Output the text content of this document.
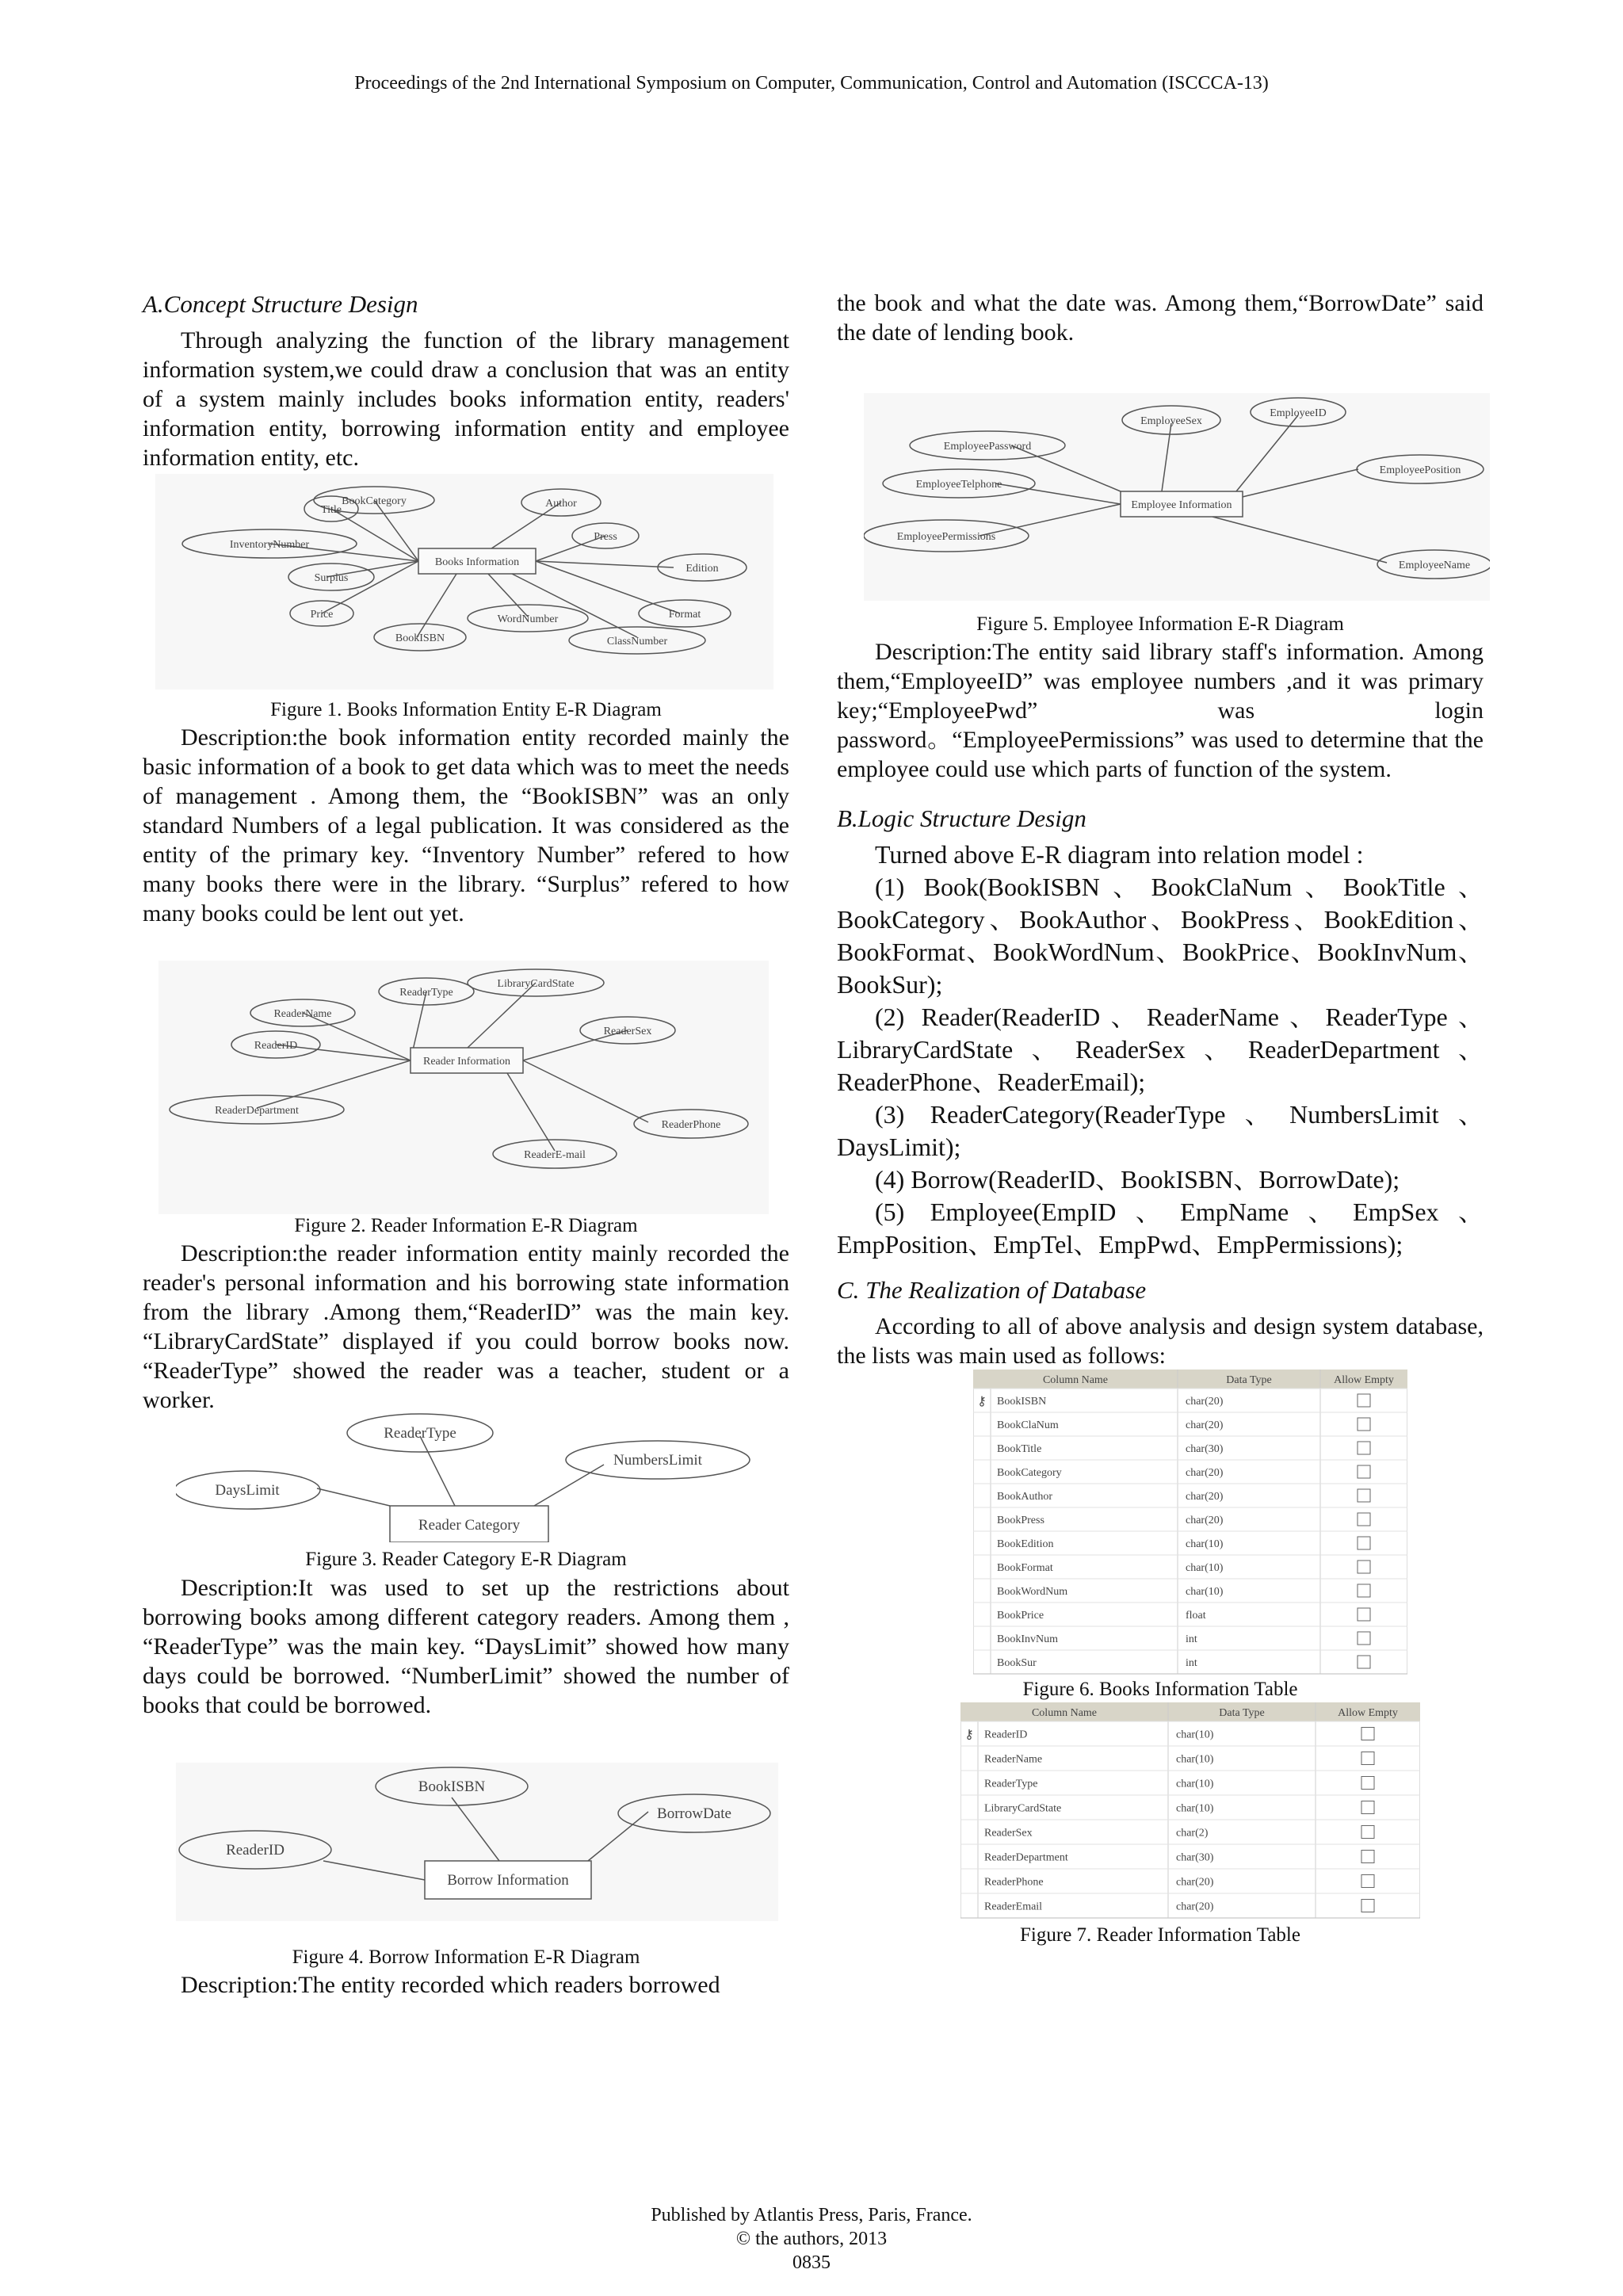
Proceedings of the 2nd International Symposium on Computer, Communication, Control and Automation (ISCCCA-13)
A.Concept Structure Design
Through analyzing the function of the library management information system,we could draw a conclusion that was an entity of a system mainly includes books information entity, readers' information entity, borrowing information entity and employee information entity, etc.
Books Information
Title
BookCategory	Author
Press
InventoryNumber
Edition
Surplus
Price	Format
BookISBN
WordNumber
ClassNumber
Figure 1. Books Information Entity E-R Diagram
Description:the book information entity recorded mainly the basic information of a book to get data which was to meet the needs of management . Among them, the “BookISBN” was an only standard Numbers of a legal publication. It was considered as the entity of the primary key. “Inventory Number” refered to how many books there were in the library. “Surplus” refered to how many books could be lent out yet.
Reader Information
ReaderType
LibraryCardState
ReaderName
ReaderID
ReaderSex
ReaderDepartment
ReaderPhone
ReaderE-mail
Figure 2. Reader Information E-R Diagram
Description:the reader information entity mainly recorded the reader's personal information and his borrowing state information from the library .Among them,“ReaderID” was the main key. “LibraryCardState” displayed if you could borrow books now. “ReaderType” showed the reader was a teacher, student or a worker.
Reader Category
ReaderType
NumbersLimit
DaysLimit
Figure 3. Reader Category E-R Diagram
Description:It was used to set up the restrictions about borrowing books among different category readers. Among them , “ReaderType” was the main key. “DaysLimit” showed how many days could be borrowed. “NumberLimit” showed the number of books that could be borrowed.
Borrow Information
BookISBN
BorrowDate
ReaderID
Figure 4. Borrow Information E-R Diagram
Description:The entity recorded which readers borrowed
the book and what the date was. Among them,“BorrowDate” said the date of lending book.
Employee Information
EmployeeID
EmployeeSex
EmployeePassword
EmployeePosition
EmployeeTelphone
EmployeePermissions
EmployeeName
Figure 5. Employee Information E-R Diagram
Description:The entity said library staff's information. Among them,“EmployeeID” was employee numbers ,and it was primary key;“EmployeePwd” was login password。“EmployeePermissions” was used to determine that the employee could use which parts of function of the system.
B.Logic Structure Design
Turned above E-R diagram into relation model :
(1) Book(BookISBN、BookClaNum、BookTitle、BookCategory、BookAuthor、BookPress、BookEdition、BookFormat、BookWordNum、BookPrice、BookInvNum、BookSur);
(2) Reader(ReaderID、ReaderName、ReaderType、LibraryCardState、ReaderSex、ReaderDepartment、ReaderPhone、ReaderEmail);
(3) ReaderCategory(ReaderType、NumbersLimit、DaysLimit);
(4) Borrow(ReaderID、BookISBN、BorrowDate);
(5) Employee(EmpID、EmpName、EmpSex、EmpPosition、EmpTel、EmpPwd、EmpPermissions);
C. The Realization of Database
According to all of above analysis and design system database, the lists was main used as follows:
Column Name	Data Type	Allow Empty
⚷ BookISBN	char(20)
BookClaNum	char(20)
BookTitle	char(30)
BookCategory	char(20)
BookAuthor	char(20)
BookPress	char(20)
BookEdition	char(10)
BookFormat	char(10)
BookWordNum	char(10)
BookPrice	float
BookInvNum	int
BookSur	int
Figure 6. Books Information Table
Column Name	Data Type	Allow Empty
⚷ ReaderID	char(10)
ReaderName	char(10)
ReaderType	char(10)
LibraryCardState	char(10)
ReaderSex	char(2)
ReaderDepartment	char(30)
ReaderPhone	char(20)
ReaderEmail	char(20)
Figure 7. Reader Information Table
Published by Atlantis Press, Paris, France.
© the authors, 2013
0835
